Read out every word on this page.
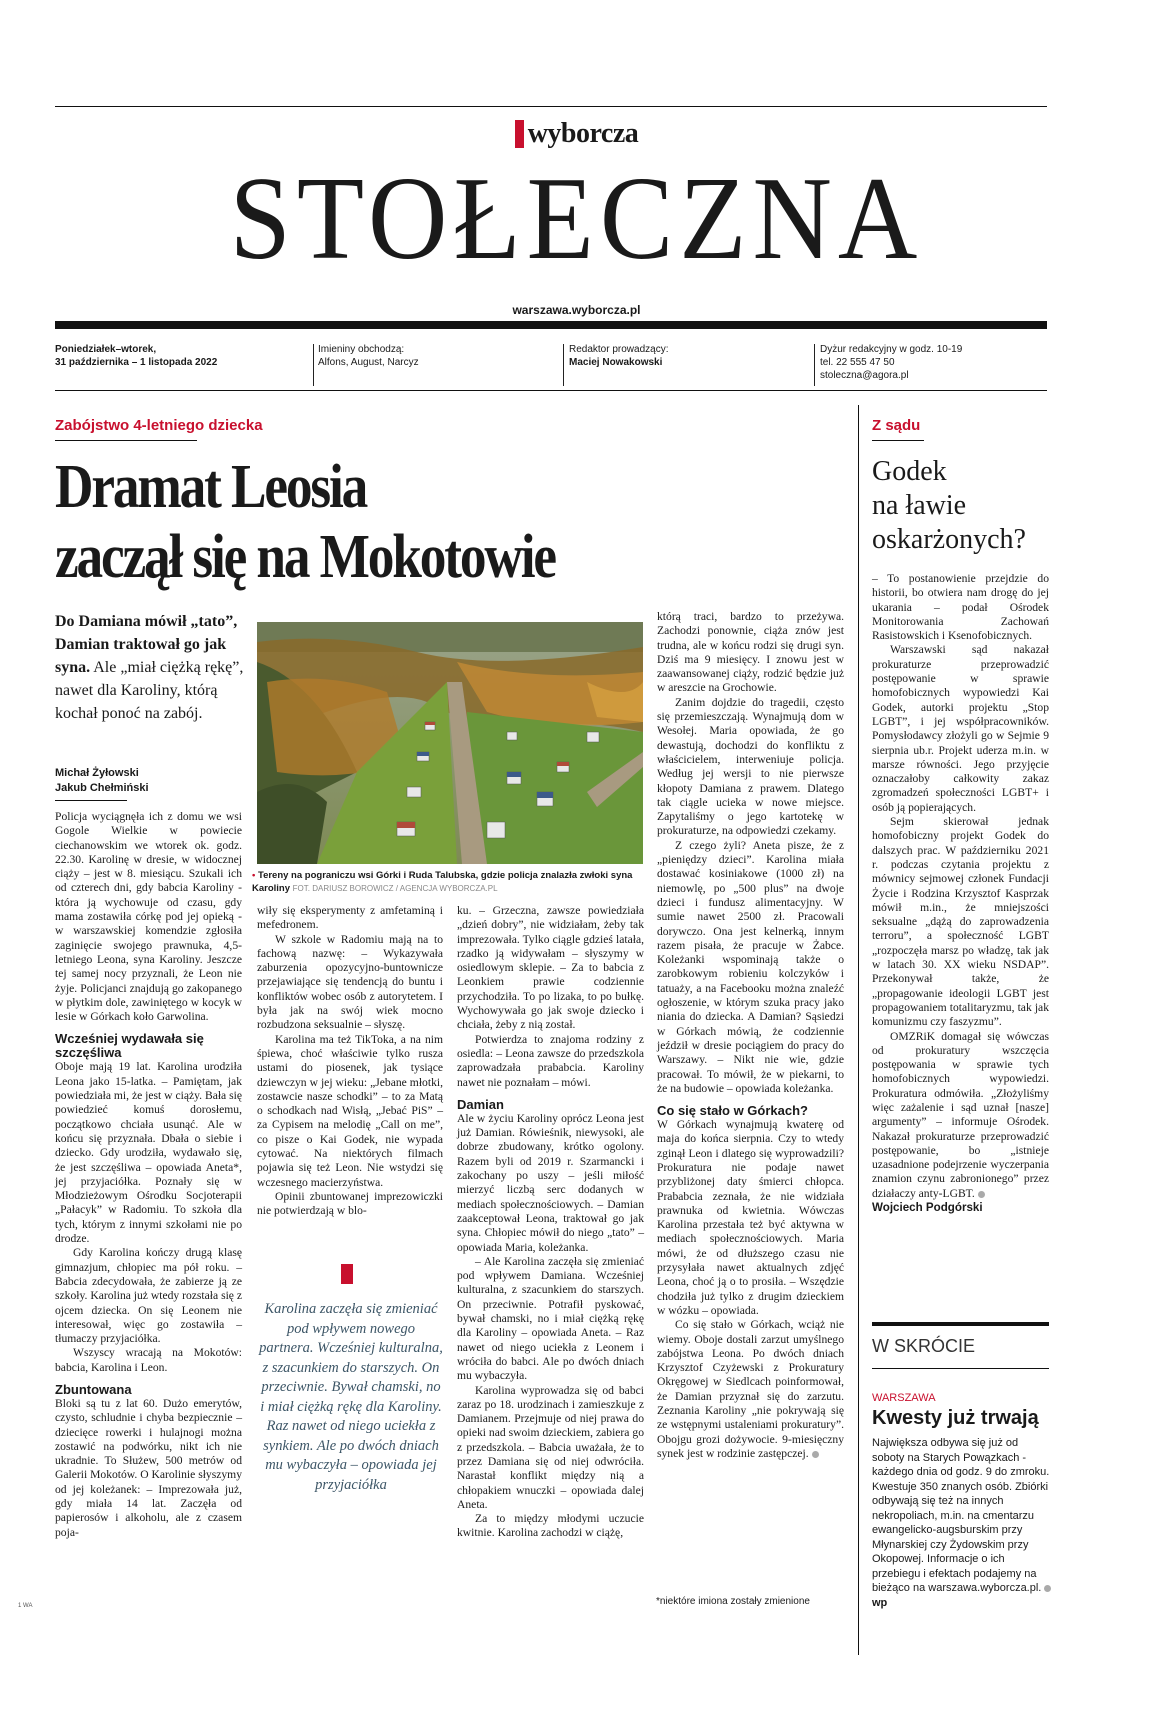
wyborcza
STOŁECZNA
warszawa.wyborcza.pl
Poniedziałek–wtorek,
31 października – 1 listopada 2022
Imieniny obchodzą:
Alfons, August, Narcyz
Redaktor prowadzący:
Maciej Nowakowski
Dyżur redakcyjny w godz. 10-19
tel. 22 555 47 50
stoleczna@agora.pl
Zabójstwo 4-letniego dziecka
Dramat Leosia
zaczął się na Mokotowie
Do Damiana mówił „tato”, Damian traktował go jak syna. Ale „miał ciężką rękę”, nawet dla Karoliny, którą kochał ponoć na zabój.
Michał Żyłowski
Jakub Chełmiński

Policja wyciągnęła ich z domu we wsi Gogole Wielkie w powiecie ciechanowskim we wtorek ok. godz. 22.30. Karolinę w dresie, w widocznej ciąży – jest w 8. miesiącu. Szukali ich od czterech dni, gdy babcia Karoliny - która ją wychowuje od czasu, gdy mama zostawiła córkę pod jej opieką - w warszawskiej komendzie zgłosiła zaginięcie swojego prawnuka, 4,5-letniego Leona, syna Karoliny. Jeszcze tej samej nocy przyznali, że Leon nie żyje. Policjanci znajdują go zakopanego w płytkim dole, zawiniętego w kocyk w lesie w Górkach koło Garwolina.

Wcześniej wydawała się szczęśliwa

Oboje mają 19 lat. Karolina urodziła Leona jako 15-latka. – Pamiętam, jak powiedziała mi, że jest w ciąży. Bała się powiedzieć komuś dorosłemu, początkowo chciała usunąć. Ale w końcu się przyznała. Dbała o siebie i dziecko. Gdy urodziła, wydawało się, że jest szczęśliwa – opowiada Aneta*, jej przyjaciółka. Poznały się w Młodzieżowym Ośrodku Socjoterapii „Pałacyk” w Radomiu. To szkoła dla tych, którym z innymi szkołami nie po drodze.

Gdy Karolina kończy drugą klasę gimnazjum, chłopiec ma pół roku. – Babcia zdecydowała, że zabierze ją ze szkoły. Karolina już wtedy rozstała się z ojcem dziecka. On się Leonem nie interesował, więc go zostawiła – tłumaczy przyjaciółka.

Wszyscy wracają na Mokotów: babcia, Karolina i Leon.

Zbuntowana

Bloki są tu z lat 60. Dużo emerytów, czysto, schludnie i chyba bezpiecznie – dziecięce rowerki i hulajnogi można zostawić na podwórku, nikt ich nie ukradnie. To Służew, 500 metrów od Galerii Mokotów. O Karolinie słyszymy od jej koleżanek: – Imprezowała już, gdy miała 14 lat. Zaczęła od papierosów i alkoholu, ale z czasem poja-

• Tereny na pograniczu wsi Górki i Ruda Talubska, gdzie policja znalazła zwłoki syna Karoliny FOT. DARIUSZ BOROWICZ / AGENCJA WYBORCZA.PL

wiły się eksperymenty z amfetaminą i mefedronem.

W szkole w Radomiu mają na to fachową nazwę: – Wykazywała zaburzenia opozycyjno-buntownicze przejawiające się tendencją do buntu i konfliktów wobec osób z autorytetem. I była jak na swój wiek mocno rozbudzona seksualnie – słyszę.

Karolina ma też TikToka, a na nim śpiewa, choć właściwie tylko rusza ustami do piosenek, jak tysiące dziewczyn w jej wieku: „Jebane młotki, zostawcie nasze schodki” – to za Matą o schodkach nad Wisłą, „Jebać PiS” – za Cypisem na melodię „Call on me”, co pisze o Kai Godek, nie wypada cytować. Na niektórych filmach pojawia się też Leon. Nie wstydzi się wczesnego macierzyństwa.

Opinii zbuntowanej imprezowiczki nie potwierdzają w blo-

Karolina zaczęła się zmieniać pod wpływem nowego partnera. Wcześniej kulturalna, z szacunkiem do starszych. On przeciwnie. Bywał chamski, no i miał ciężką rękę dla Karoliny. Raz nawet od niego uciekła z synkiem. Ale po dwóch dniach mu wybaczyła – opowiada jej przyjaciółka

ku. – Grzeczna, zawsze powiedziała „dzień dobry”, nie widziałam, żeby tak imprezowała. Tylko ciągle gdzieś latała, rzadko ją widywałam – słyszymy w osiedlowym sklepie. – Za to babcia z Leonkiem prawie codziennie przychodziła. To po lizaka, to po bułkę. Wychowywała go jak swoje dziecko i chciała, żeby z nią został.

Potwierdza to znajoma rodziny z osiedla: – Leona zawsze do przedszkola zaprowadzała prababcia. Karoliny nawet nie poznałam – mówi.

Damian

Ale w życiu Karoliny oprócz Leona jest już Damian. Rówieśnik, niewysoki, ale dobrze zbudowany, krótko ogolony. Razem byli od 2019 r. Szarmancki i zakochany po uszy – jeśli miłość mierzyć liczbą serc dodanych w mediach społecznościowych. – Damian zaakceptował Leona, traktował go jak syna. Chłopiec mówił do niego „tato” – opowiada Maria, koleżanka.

– Ale Karolina zaczęła się zmieniać pod wpływem Damiana. Wcześniej kulturalna, z szacunkiem do starszych. On przeciwnie. Potrafił pyskować, bywał chamski, no i miał ciężką rękę dla Karoliny – opowiada Aneta. – Raz nawet od niego uciekła z Leonem i wróciła do babci. Ale po dwóch dniach mu wybaczyła.

Karolina wyprowadza się od babci zaraz po 18. urodzinach i zamieszkuje z Damianem. Przejmuje od niej prawa do opieki nad swoim dzieckiem, zabiera go z przedszkola. – Babcia uważała, że to przez Damiana się od niej odwróciła. Narastał konflikt między nią a chłopakiem wnuczki – opowiada dalej Aneta.

Za to między młodymi uczucie kwitnie. Karolina zachodzi w ciążę,

którą traci, bardzo to przeżywa. Zachodzi ponownie, ciąża znów jest trudna, ale w końcu rodzi się drugi syn. Dziś ma 9 miesięcy. I znowu jest w zaawansowanej ciąży, rodzić będzie już w areszcie na Grochowie.

Zanim dojdzie do tragedii, często się przemieszczają. Wynajmują dom w Wesołej. Maria opowiada, że go dewastują, dochodzi do konfliktu z właścicielem, interweniuje policja. Według jej wersji to nie pierwsze kłopoty Damiana z prawem. Dlatego tak ciągle ucieka w nowe miejsce. Zapytaliśmy o jego kartotekę w prokuraturze, na odpowiedzi czekamy.

Z czego żyli? Aneta pisze, że z „pieniędzy dzieci”. Karolina miała dostawać kosiniakowe (1000 zł) na niemowlę, po „500 plus” na dwoje dzieci i fundusz alimentacyjny. W sumie nawet 2500 zł. Pracowali dorywczo. Ona jest kelnerką, innym razem pisała, że pracuje w Żabce. Koleżanki wspominają także o zarobkowym robieniu kolczyków i tatuaży, a na Facebooku można znaleźć ogłoszenie, w którym szuka pracy jako niania do dziecka. A Damian? Sąsiedzi w Górkach mówią, że codziennie jeździł w dresie pociągiem do pracy do Warszawy. – Nikt nie wie, gdzie pracował. To mówił, że w piekarni, to że na budowie – opowiada koleżanka.

Co się stało w Górkach?

W Górkach wynajmują kwaterę od maja do końca sierpnia. Czy to wtedy zginął Leon i dlatego się wyprowadzili? Prokuratura nie podaje nawet przybliżonej daty śmierci chłopca. Prababcia zeznała, że nie widziała prawnuka od kwietnia. Wówczas Karolina przestała też być aktywna w mediach społecznościowych. Maria mówi, że od dłuższego czasu nie przysyłała nawet aktualnych zdjęć Leona, choć ją o to prosiła. – Wszędzie chodziła już tylko z drugim dzieckiem w wózku – opowiada.

Co się stało w Górkach, wciąż nie wiemy. Oboje dostali zarzut umyślnego zabójstwa Leona. Po dwóch dniach Krzysztof Czyżewski z Prokuratury Okręgowej w Siedlcach poinformował, że Damian przyznał się do zarzutu. Zeznania Karoliny „nie pokrywają się ze wstępnymi ustaleniami prokuratury”. Obojgu grozi dożywocie. 9-miesięczny synek jest w rodzinie zastępczej.

*niektóre imiona zostały zmienione
Z sądu
Godek
na ławie
oskarżonych?

– To postanowienie przejdzie do historii, bo otwiera nam drogę do jej ukarania – podał Ośrodek Monitorowania Zachowań Rasistowskich i Ksenofobicznych.

Warszawski sąd nakazał prokuraturze przeprowadzić postępowanie w sprawie homofobicznych wypowiedzi Kai Godek, autorki projektu „Stop LGBT”, i jej współpracowników. Pomysłodawcy złożyli go w Sejmie 9 sierpnia ub.r. Projekt uderza m.in. w marsze równości. Jego przyjęcie oznaczałoby całkowity zakaz zgromadzeń społeczności LGBT+ i osób ją popierających.

Sejm skierował jednak homofobiczny projekt Godek do dalszych prac. W październiku 2021 r. podczas czytania projektu z mównicy sejmowej członek Fundacji Życie i Rodzina Krzysztof Kasprzak mówił m.in., że mniejszości seksualne „dążą do zaprowadzenia terroru”, a społeczność LGBT „rozpoczęła marsz po władzę, tak jak w latach 30. XX wieku NSDAP”. Przekonywał także, że „propagowanie ideologii LGBT jest propagowaniem totalitaryzmu, tak jak komunizmu czy faszyzmu”.

OMZRiK domagał się wówczas od prokuratury wszczęcia postępowania w sprawie tych homofobicznych wypowiedzi. Prokuratura odmówiła. „Złożyliśmy więc zażalenie i sąd uznał [nasze] argumenty” – informuje Ośrodek. Nakazał prokuraturze przeprowadzić postępowanie, bo „istnieje uzasadnione podejrzenie wyczerpania znamion czynu zabronionego” przez działaczy anty-LGBT.

Wojciech Podgórski

W SKRÓCIE
WARSZAWA
Kwesty już trwają
Największa odbywa się już od soboty na Starych Powązkach - każdego dnia od godz. 9 do zmroku. Kwestuje 350 znanych osób. Zbiórki odbywają się też na innych nekropoliach, m.in. na cmentarzu ewangelicko-augsburskim przy Młynarskiej czy Żydowskim przy Okopowej. Informacje o ich przebiegu i efektach podajemy na bieżąco na warszawa.wyborcza.pl.  wp
1 WA
